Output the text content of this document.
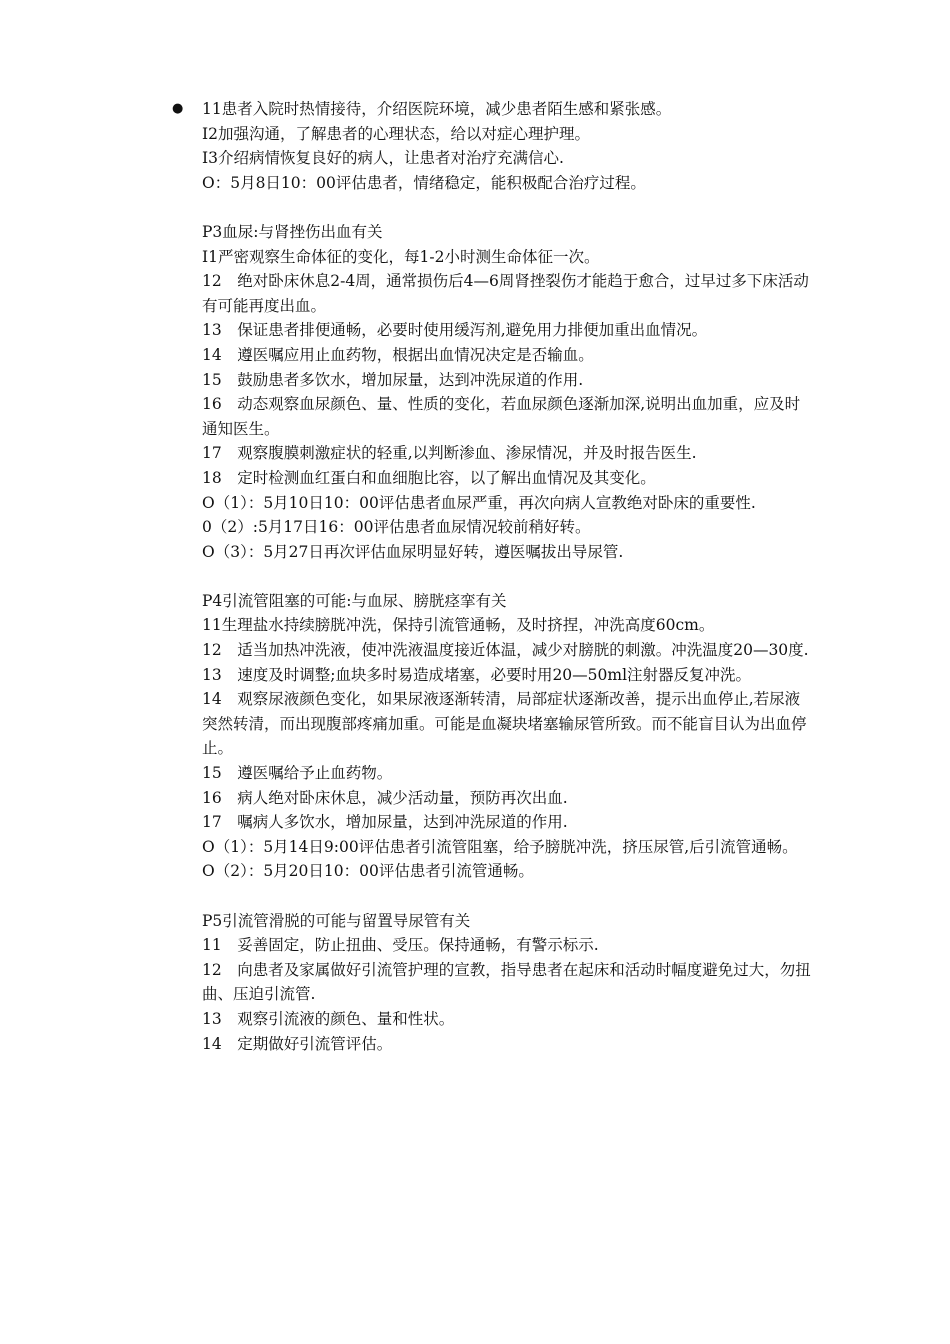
● 11患者入院时热情接待，介绍医院环境，减少患者陌生感和紧张感。

I2加强沟通，了解患者的心理状态，给以对症心理护理。

I3介绍病情恢复良好的病人，让患者对治疗充满信心.

O：5月8日10：00评估患者，情绪稳定，能积极配合治疗过程。

P3血尿:与肾挫伤出血有关

I1严密观察生命体征的变化，每1-2小时测生命体征一次。

12　绝对卧床休息2-4周，通常损伤后4—6周肾挫裂伤才能趋于愈合，过早过多下床活动有可能再度出血。

13　保证患者排便通畅，必要时使用缓泻剂,避免用力排便加重出血情况。

14　遵医嘱应用止血药物，根据出血情况决定是否输血。

15　鼓励患者多饮水，增加尿量，达到冲洗尿道的作用.

16　动态观察血尿颜色、量、性质的变化，若血尿颜色逐渐加深,说明出血加重，应及时通知医生。

17　观察腹膜刺激症状的轻重,以判断渗血、渗尿情况，并及时报告医生.

18　定时检测血红蛋白和血细胞比容，以了解出血情况及其变化。

O（1）：5月10日10：00评估患者血尿严重，再次向病人宣教绝对卧床的重要性.

0（2）:5月17日16：00评估患者血尿情况较前稍好转。

O（3）：5月27日再次评估血尿明显好转，遵医嘱拔出导尿管.

P4引流管阻塞的可能:与血尿、膀胱痉挛有关

11生理盐水持续膀胱冲洗，保持引流管通畅，及时挤捏，冲洗高度60cm。

12　适当加热冲洗液，使冲洗液温度接近体温，减少对膀胱的刺激。冲洗温度20—30度.

13　速度及时调整;血块多时易造成堵塞，必要时用20—50ml注射器反复冲洗。

14　观察尿液颜色变化，如果尿液逐渐转清，局部症状逐渐改善，提示出血停止,若尿液突然转清，而出现腹部疼痛加重。可能是血凝块堵塞输尿管所致。而不能盲目认为出血停止。

15　遵医嘱给予止血药物。

16　病人绝对卧床休息，减少活动量，预防再次出血.

17　嘱病人多饮水，增加尿量，达到冲洗尿道的作用.

O（1）：5月14日9:00评估患者引流管阻塞，给予膀胱冲洗，挤压尿管,后引流管通畅。

O（2）：5月20日10：00评估患者引流管通畅。

P5引流管滑脱的可能与留置导尿管有关

11　妥善固定，防止扭曲、受压。保持通畅，有警示标示.

12　向患者及家属做好引流管护理的宣教，指导患者在起床和活动时幅度避免过大，勿扭曲、压迫引流管.

13　观察引流液的颜色、量和性状。

14　定期做好引流管评估。
